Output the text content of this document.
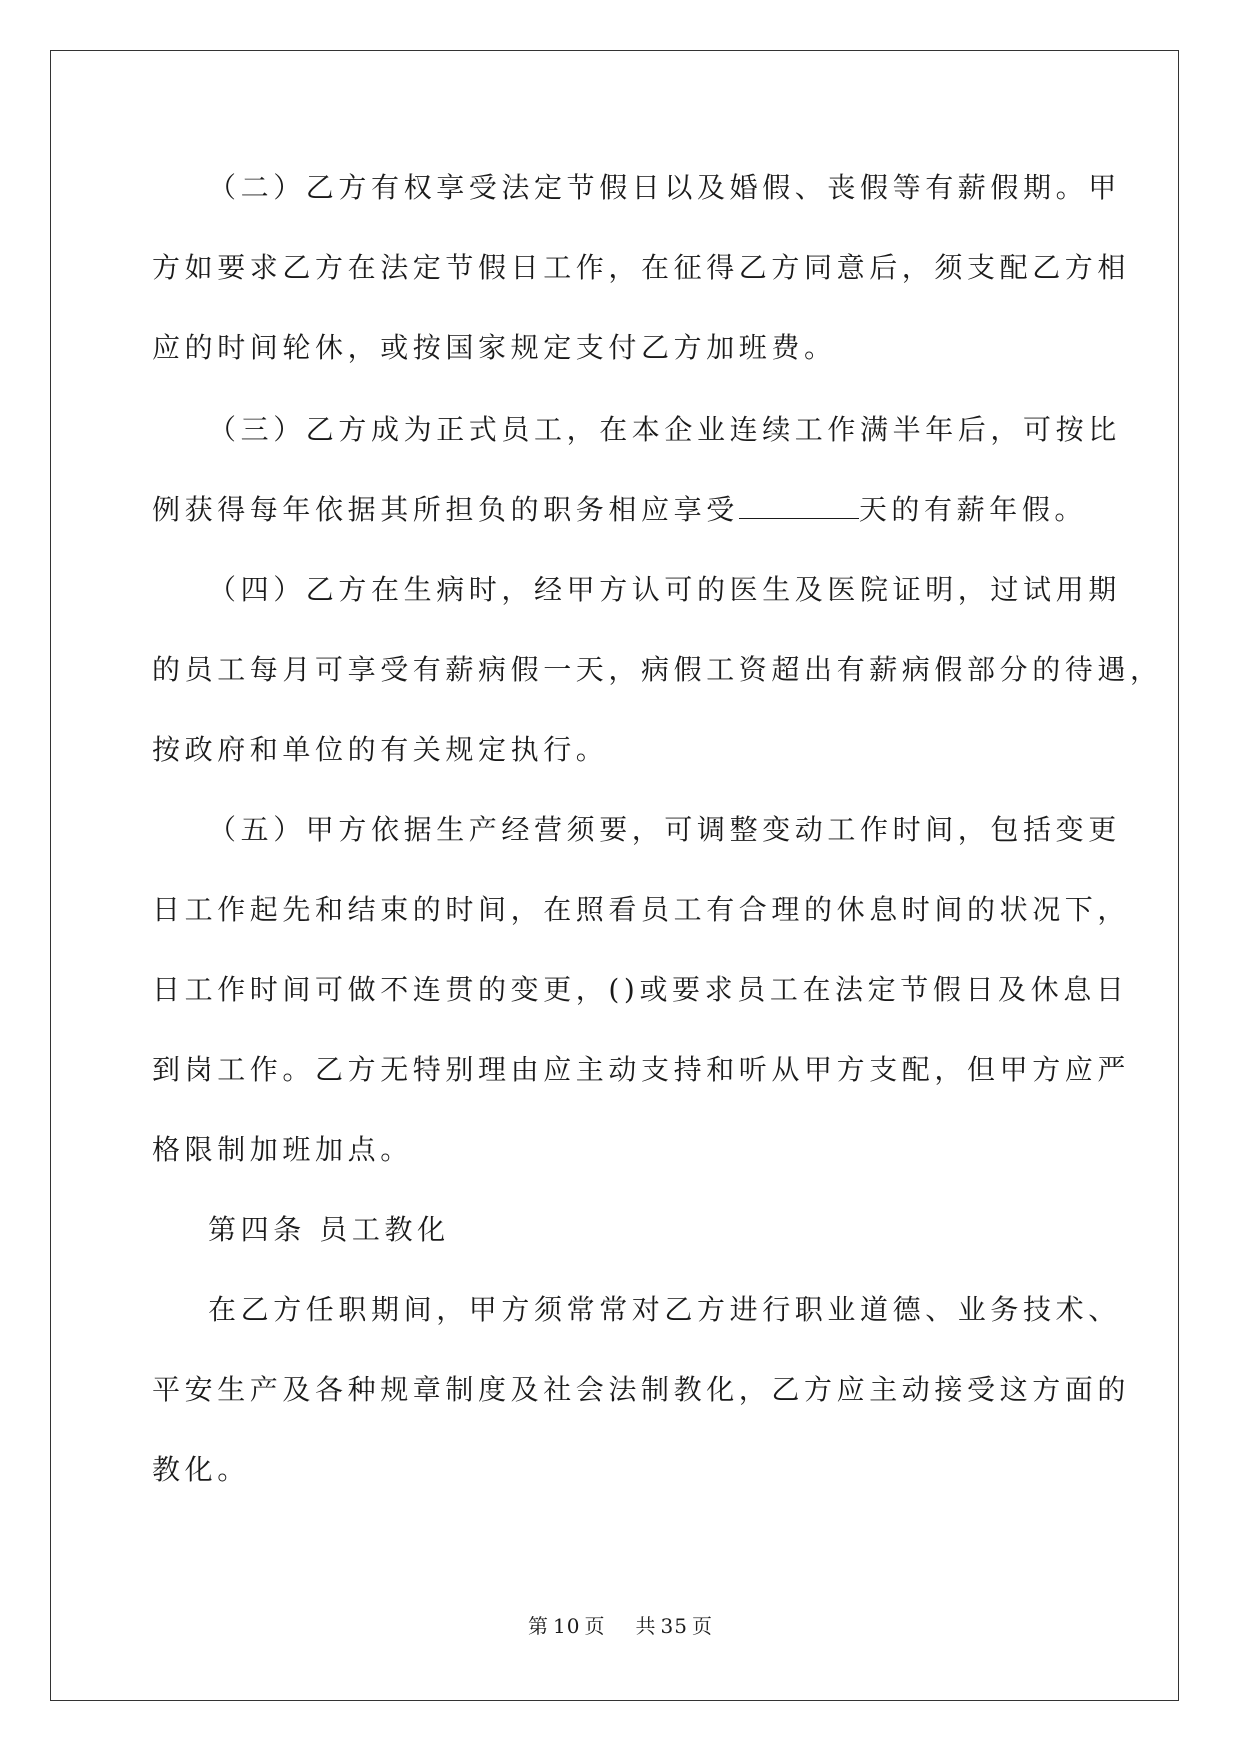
（二）乙方有权享受法定节假日以及婚假、丧假等有薪假期。甲
方如要求乙方在法定节假日工作，在征得乙方同意后，须支配乙方相
应的时间轮休，或按国家规定支付乙方加班费。
（三）乙方成为正式员工，在本企业连续工作满半年后，可按比
例获得每年依据其所担负的职务相应享受	天的有薪年假。
（四）乙方在生病时，经甲方认可的医生及医院证明，过试用期
的员工每月可享受有薪病假一天，病假工资超出有薪病假部分的待遇，
按政府和单位的有关规定执行。
（五）甲方依据生产经营须要，可调整变动工作时间，包括变更
日工作起先和结束的时间，在照看员工有合理的休息时间的状况下，
日工作时间可做不连贯的变更，()或要求员工在法定节假日及休息日
到岗工作。乙方无特别理由应主动支持和听从甲方支配，但甲方应严
格限制加班加点。
第四条 员工教化
在乙方任职期间，甲方须常常对乙方进行职业道德、业务技术、
平安生产及各种规章制度及社会法制教化，乙方应主动接受这方面的
教化。
第 10 页 共 35 页
